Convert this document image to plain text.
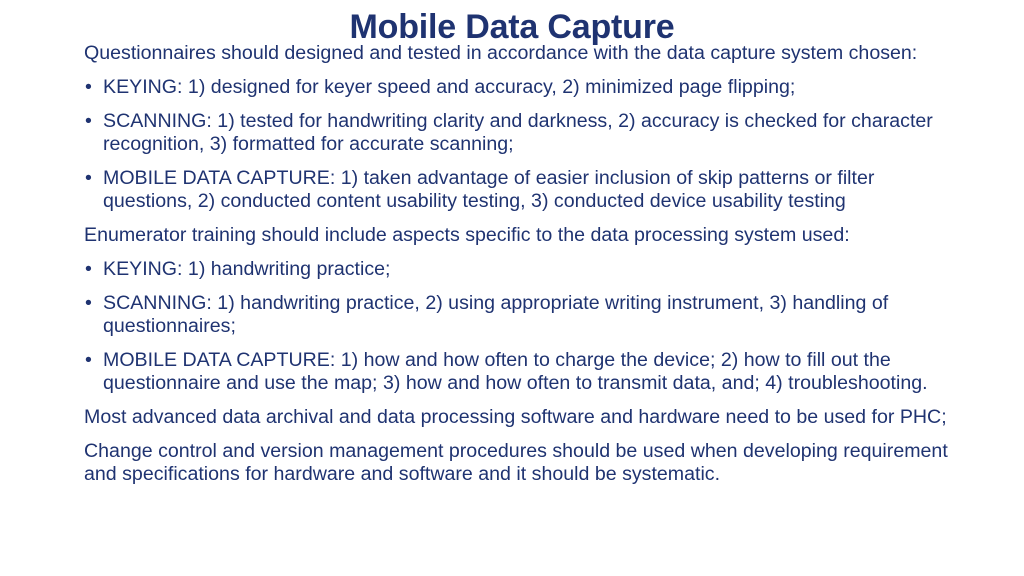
Mobile Data Capture

Questionnaires should designed and tested in accordance with the data capture system chosen:

• KEYING: 1) designed for keyer speed and accuracy, 2) minimized page flipping;
• SCANNING: 1) tested for handwriting clarity and darkness, 2) accuracy is checked for character recognition, 3) formatted for accurate scanning;
• MOBILE DATA CAPTURE: 1) taken advantage of easier inclusion of skip patterns or filter questions, 2) conducted content usability testing, 3) conducted device usability testing

Enumerator training should include aspects specific to the data processing system used:

• KEYING: 1) handwriting practice;
• SCANNING: 1) handwriting practice, 2) using appropriate writing instrument, 3) handling of questionnaires;
• MOBILE DATA CAPTURE: 1) how and how often to charge the device; 2) how to fill out the questionnaire and use the map; 3) how and how often to transmit data, and; 4) troubleshooting.

Most advanced data archival and data processing software and hardware need to be used for PHC;

Change control and version management procedures should be used when developing requirement and specifications for hardware and software and it should be systematic.
